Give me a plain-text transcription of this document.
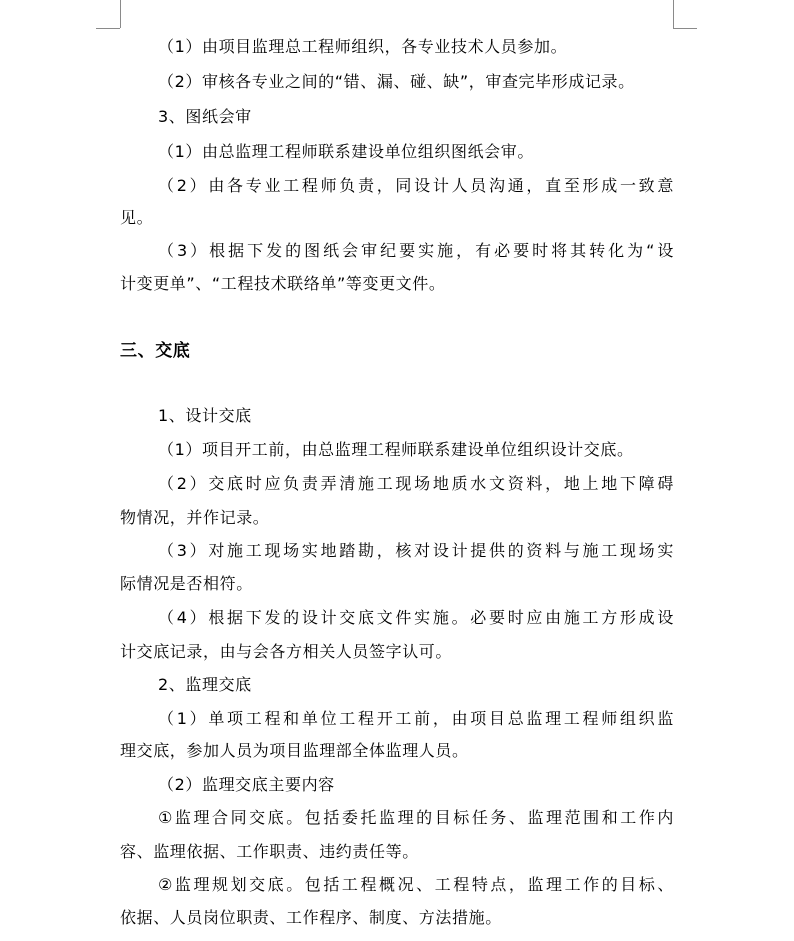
（1）由项目监理总工程师组织，各专业技术人员参加。
（2）审核各专业之间的“错、漏、碰、缺”，审查完毕形成记录。
3、图纸会审
（1）由总监理工程师联系建设单位组织图纸会审。
（2）由各专业工程师负责，同设计人员沟通，直至形成一致意
见。
（3）根据下发的图纸会审纪要实施，有必要时将其转化为“设
计变更单”、“工程技术联络单”等变更文件。
三、交底
1、设计交底
（1）项目开工前，由总监理工程师联系建设单位组织设计交底。
（2）交底时应负责弄清施工现场地质水文资料，地上地下障碍
物情况，并作记录。
（3）对施工现场实地踏勘，核对设计提供的资料与施工现场实
际情况是否相符。
（4）根据下发的设计交底文件实施。必要时应由施工方形成设
计交底记录，由与会各方相关人员签字认可。
2、监理交底
（1）单项工程和单位工程开工前，由项目总监理工程师组织监
理交底，参加人员为项目监理部全体监理人员。
（2）监理交底主要内容
①监理合同交底。包括委托监理的目标任务、监理范围和工作内
容、监理依据、工作职责、违约责任等。
②监理规划交底。包括工程概况、工程特点，监理工作的目标、
依据、人员岗位职责、工作程序、制度、方法措施。
